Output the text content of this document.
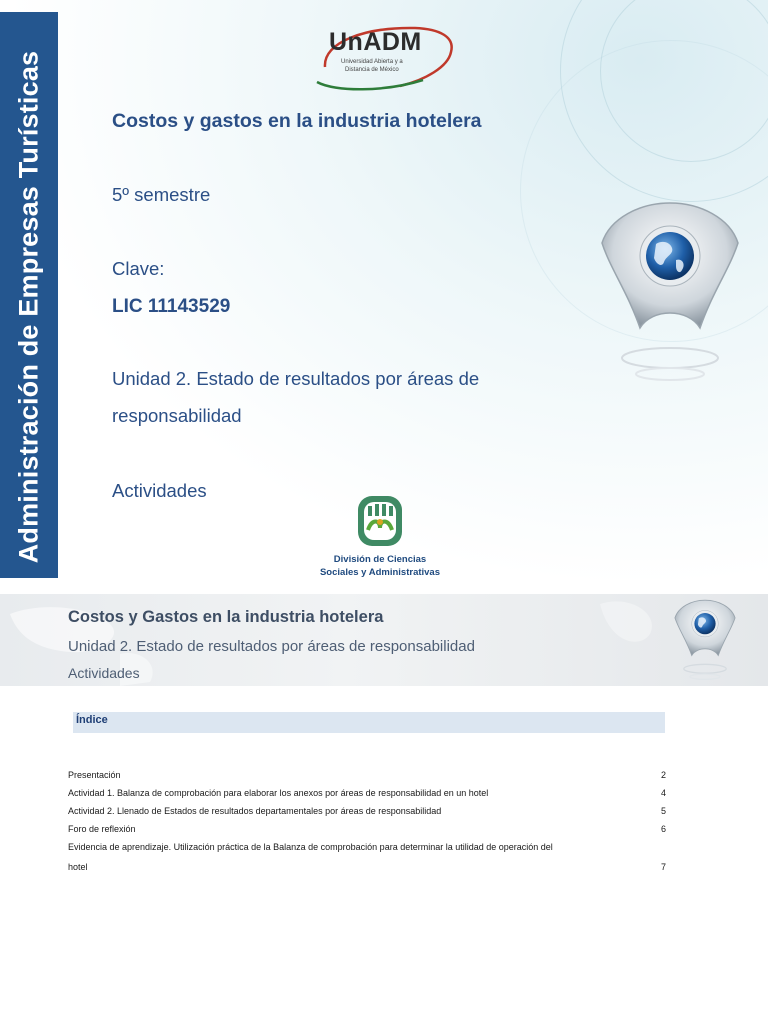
Administración de Empresas Turísticas
UnADM
Universidad Abierta y a
Distancia de México
Costos y gastos en la industria hotelera
5º semestre
Clave:
LIC 11143529
Unidad 2. Estado de resultados por áreas de
responsabilidad
Actividades
División de Ciencias
Sociales y Administrativas
Costos y Gastos en la industria hotelera
Unidad 2. Estado de resultados por áreas de responsabilidad
Actividades
Índice
Presentación	2
Actividad 1. Balanza de comprobación para elaborar los anexos por áreas de responsabilidad en un hotel	4
Actividad 2. Llenado de Estados de resultados departamentales por áreas de responsabilidad	5
Foro de reflexión	6
Evidencia de aprendizaje. Utilización práctica de la Balanza de comprobación para determinar la utilidad de operación del
hotel	7
